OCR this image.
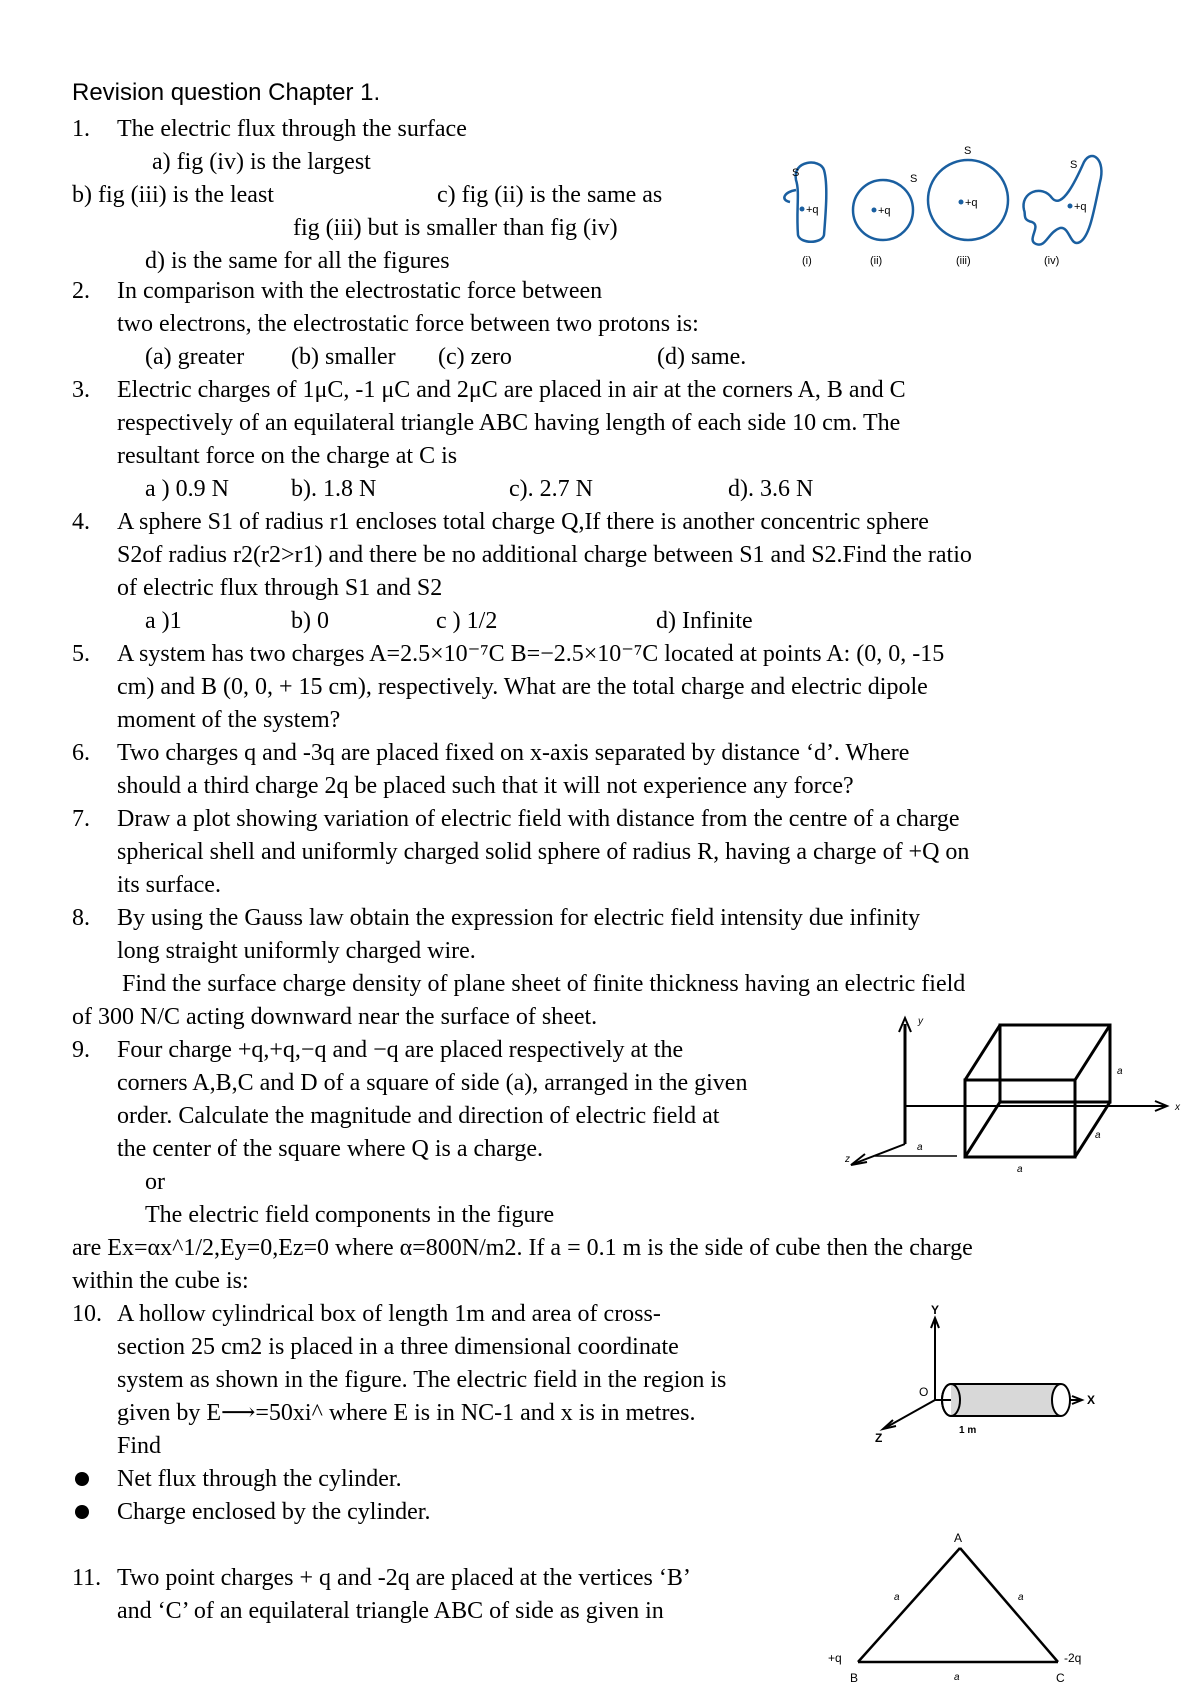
Revision question Chapter 1.
1. The electric flux through the surface
a) fig (iv) is the largest
b) fig (iii) is the least	c) fig (ii) is the same as
fig (iii) but is smaller than fig (iv)
d) is the same for all the figures
S	S
S
S
+q	+q
+q	+q
(i)	(ii)	(iii)	(iv)
2. In comparison with the electrostatic force between
two electrons, the electrostatic force between two protons is:
(a) greater (b) smaller (c) zero	(d) same.
3. Electric charges of 1μC, -1 μC and 2μC are placed in air at the corners A, B and C
respectively of an equilateral triangle ABC having length of each side 10 cm. The
resultant force on the charge at C is
a ) 0.9 N	b). 1.8 N	c). 2.7 N	d). 3.6 N
4. A sphere S1 of radius r1 encloses total charge Q,If there is another concentric sphere
S2of radius r2(r2>r1) and there be no additional charge between S1 and S2.Find the ratio
of electric flux through S1 and S2
a )1	b) 0	c ) 1/2	d) Infinite
5. A system has two charges A=2.5×10⁻⁷C B=−2.5×10⁻⁷C located at points A: (0, 0, -15
cm) and B (0, 0, + 15 cm), respectively. What are the total charge and electric dipole
moment of the system?
6. Two charges q and -3q are placed fixed on x-axis separated by distance ‘d’. Where
should a third charge 2q be placed such that it will not experience any force?
7. Draw a plot showing variation of electric field with distance from the centre of a charge
spherical shell and uniformly charged solid sphere of radius R, having a charge of +Q on
its surface.
8. By using the Gauss law obtain the expression for electric field intensity due infinity
long straight uniformly charged wire.
Find the surface charge density of plane sheet of finite thickness having an electric field
of 300 N/C acting downward near the surface of sheet.
9. Four charge +q,+q,−q and −q are placed respectively at the
corners A,B,C and D of a square of side (a), arranged in the given
order. Calculate the magnitude and direction of electric field at
the center of the square where Q is a charge.
or
The electric field components in the figure
are Ex=αx^1/2,Ey=0,Ez=0 where α=800N/m2. If a = 0.1 m is the side of cube then the charge
within the cube is:
y
x
z
a
a
a
a
10. A hollow cylindrical box of length 1m and area of cross-
section 25 cm2 is placed in a three dimensional coordinate
system as shown in the figure. The electric field in the region is
given by E⟶=50xi^ where E is in NC-1 and x is in metres.
Find
Net flux through the cylinder.
Charge enclosed by the cylinder.
Y
X
Z
O
1 m
11. Two point charges + q and -2q are placed at the vertices ‘B’
and ‘C’ of an equilateral triangle ABC of side as given in
A
B	C
+q	-2q
a	a
a
